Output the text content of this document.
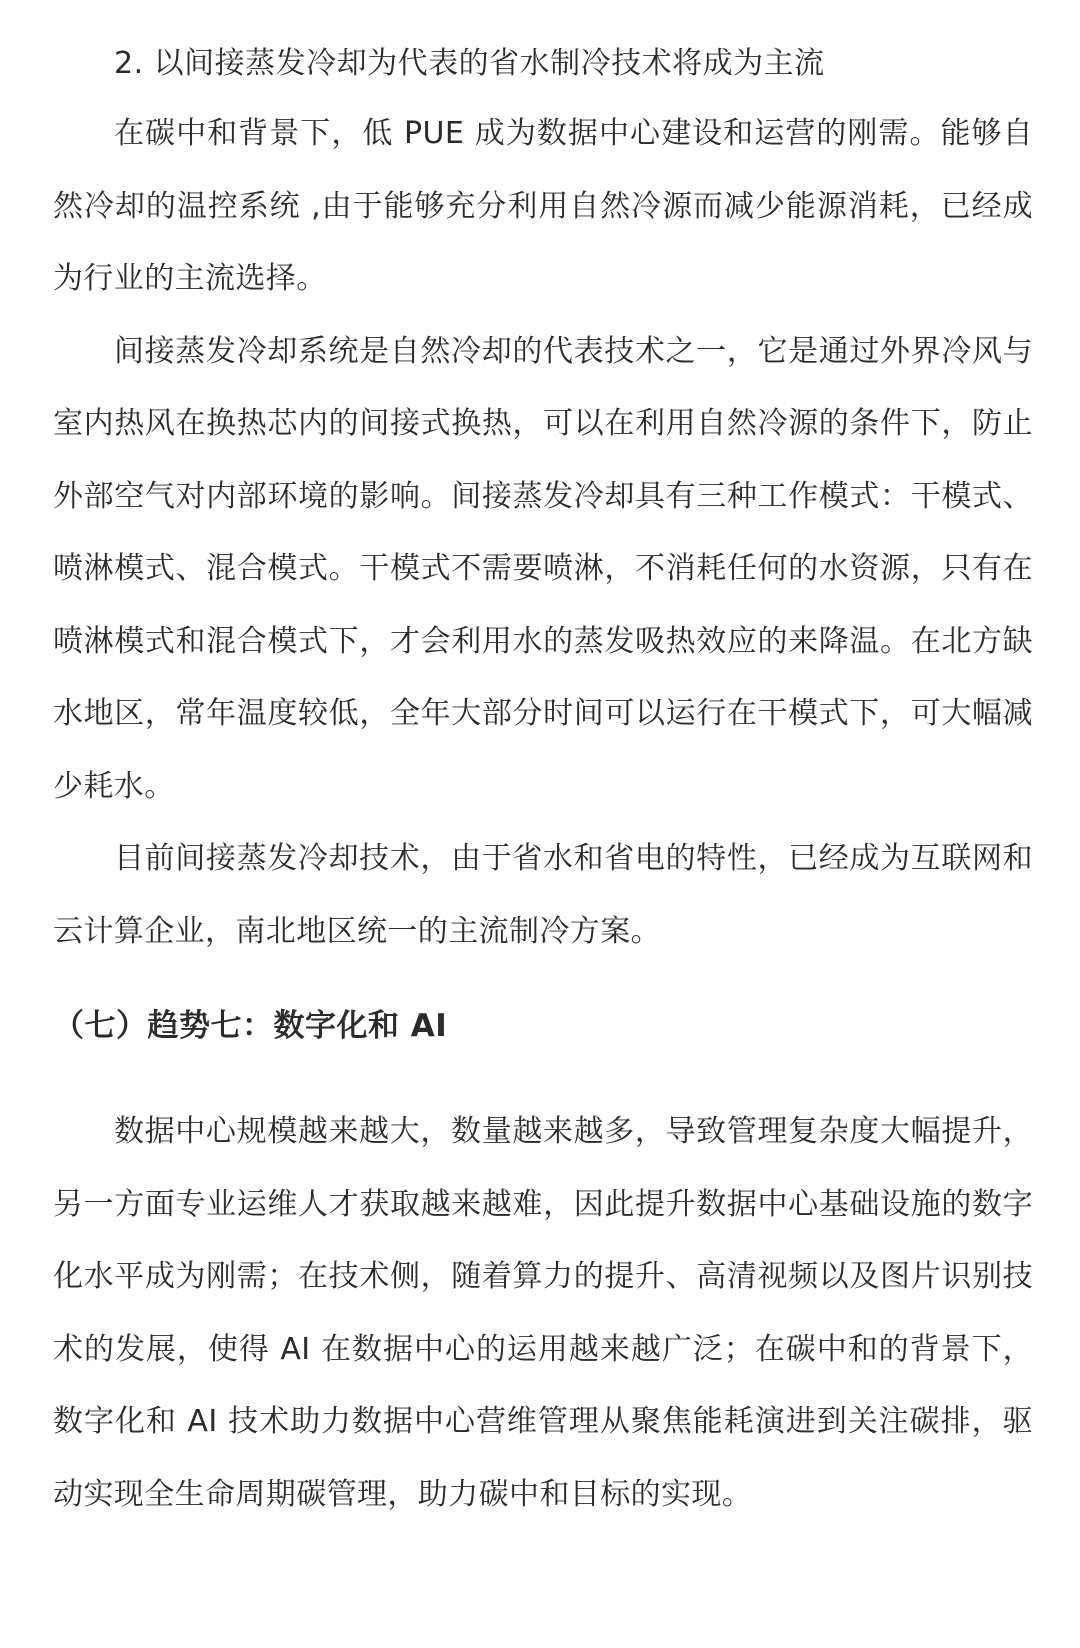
2. 以间接蒸发冷却为代表的省水制冷技术将成为主流

在碳中和背景下，低 PUE 成为数据中心建设和运营的刚需。能够自然冷却的温控系统 ,由于能够充分利用自然冷源而减少能源消耗，已经成为行业的主流选择。

间接蒸发冷却系统是自然冷却的代表技术之一，它是通过外界冷风与室内热风在换热芯内的间接式换热，可以在利用自然冷源的条件下，防止外部空气对内部环境的影响。间接蒸发冷却具有三种工作模式：干模式、喷淋模式、混合模式。干模式不需要喷淋，不消耗任何的水资源，只有在喷淋模式和混合模式下，才会利用水的蒸发吸热效应的来降温。在北方缺水地区，常年温度较低，全年大部分时间可以运行在干模式下，可大幅减少耗水。

目前间接蒸发冷却技术，由于省水和省电的特性，已经成为互联网和云计算企业，南北地区统一的主流制冷方案。

（七）趋势七：数字化和 AI

数据中心规模越来越大，数量越来越多，导致管理复杂度大幅提升，另一方面专业运维人才获取越来越难，因此提升数据中心基础设施的数字化水平成为刚需；在技术侧，随着算力的提升、高清视频以及图片识别技术的发展，使得 AI 在数据中心的运用越来越广泛；在碳中和的背景下，数字化和 AI 技术助力数据中心营维管理从聚焦能耗演进到关注碳排，驱动实现全生命周期碳管理，助力碳中和目标的实现。
